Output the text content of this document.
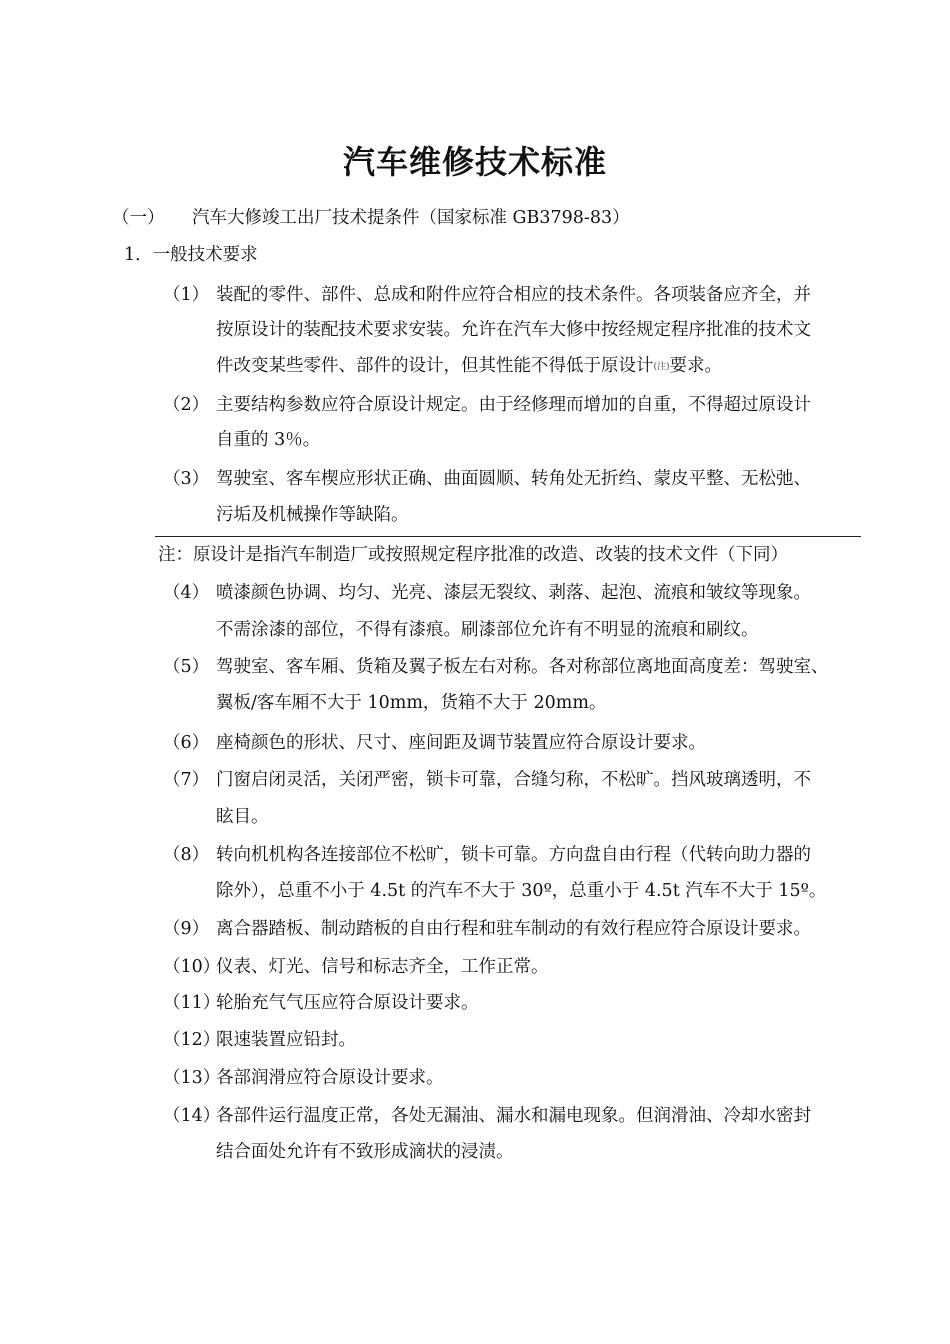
汽车维修技术标准
（一） 汽车大修竣工出厂技术提条件（国家标准 GB3798-83）
1．一般技术要求
（1） 装配的零件、部件、总成和附件应符合相应的技术条件。各项装备应齐全，并
按原设计的装配技术要求安装。允许在汽车大修中按经规定程序批准的技术文
件改变某些零件、部件的设计，但其性能不得低于原设计$^{(注)}$要求。
（2） 主要结构参数应符合原设计规定。由于经修理而增加的自重，不得超过原设计
自重的 3％。
（3） 驾驶室、客车楔应形状正确、曲面圆顺、转角处无折绉、蒙皮平整、无松弛、
污垢及机械操作等缺陷。
注：原设计是指汽车制造厂或按照规定程序批准的改造、改装的技术文件（下同）
（4） 喷漆颜色协调、均匀、光亮、漆层无裂纹、剥落、起泡、流痕和皱纹等现象。
不需涂漆的部位，不得有漆痕。刷漆部位允许有不明显的流痕和刷纹。
（5） 驾驶室、客车厢、货箱及翼子板左右对称。各对称部位离地面高度差：驾驶室、
翼板/客车厢不大于 10mm，货箱不大于 20mm。
（6） 座椅颜色的形状、尺寸、座间距及调节装置应符合原设计要求。
（7） 门窗启闭灵活，关闭严密，锁卡可靠，合缝匀称，不松旷。挡风玻璃透明，不
眩目。
（8） 转向机机构各连接部位不松旷，锁卡可靠。方向盘自由行程（代转向助力器的
除外），总重不小于 4.5t 的汽车不大于 30º，总重小于 4.5t 汽车不大于 15º。
（9） 离合器踏板、制动踏板的自由行程和驻车制动的有效行程应符合原设计要求。
（10）
仪表、灯光、信号和标志齐全，工作正常。
（11）
轮胎充气气压应符合原设计要求。
（12）
限速装置应铅封。
（13）
各部润滑应符合原设计要求。
（14）
各部件运行温度正常，各处无漏油、漏水和漏电现象。但润滑油、冷却水密封
结合面处允许有不致形成滴状的浸渍。
